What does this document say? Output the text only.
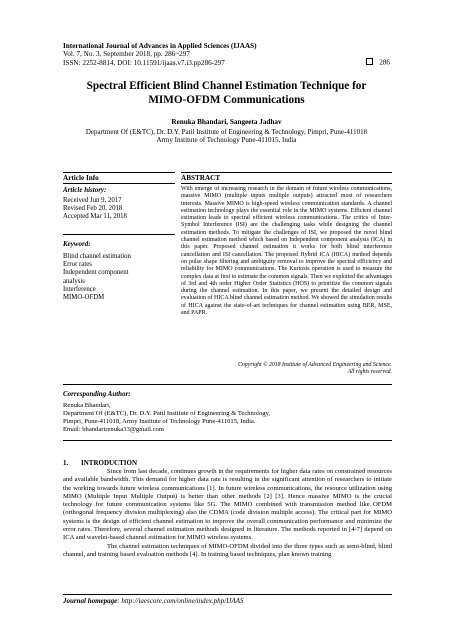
International Journal of Advances in Applied Sciences (IJAAS)
Vol. 7, No. 3, September 2018, pp. 286~297
ISSN: 2252-8814, DOI: 10.11591/ijaas.v7.i3.pp286-297	286
Spectral Efficient Blind Channel Estimation Technique for
MIMO-OFDM Communications
Renuka Bhandari, Sangeeta Jadhav
Department Of (E&TC), Dr. D.Y. Patil Institute of Engineering & Technology, Pimpri, Pune-411018
Army Institute of Technology Pune-411015, India
Article Info	ABSTRACT
Article history:
Received Jun 9, 2017
Revised Feb 20, 2018
Accepted Mar 11, 2018
Keyword:
Blind channel estimation
Error rates
Independent component
analysis
Interference
MIMO-OFDM

With emerge of increasing research in the domain of future wireless communications, massive MIMO (multiple inputs multiple outputs) attracted most of researchers interests. Massive MIMO is high-speed wireless communication standards. A channel estimation technology plays the essential role in the MIMO systems. Efficient channel estimation leads to spectral efficient wireless communications. The critics of Inter-Symbol Interference (ISI) are the challenging tasks while designing the channel estimation methods. To mitigate the challenges of ISI, we proposed the novel blind channel estimation method which based on Independent component analysis (ICA) in this paper. Proposed channel estimation it works for both blind interference cancellation and ISI cancellation. The proposed Hybrid ICA (HICA) method depends on pulse shape filtering and ambiguity removal to improve the spectral efficiency and reliability for MIMO communications. The Kurtosis operation is used to measure the complex data at first to estimate the common signals. Then we exploited the advantages of 3rd and 4th order Higher Order Statistics (HOS) to prioritize the common signals during the channel estimation. In this paper, we present the detailed design and evaluation of HICA blind channel estimation method. We showed the simulation results of HICA against the state-of-art techniques for channel estimation using BER, MSE, and PAPR.

Copyright © 2018 Institute of Advanced Engineering and Science.
All rights reserved.
Corresponding Author:
Renuka Bhandari,
Department Of (E&TC), Dr. D.Y. Patil Institute of Engineering & Technology,
Pimpri, Pune-411018, Army Institute of Technology Pune-411015, India.
Email: bhandarirenuka33@gmail.com
1. INTRODUCTION

Since from last decade, continues growth in the requirements for higher data rates on constrained resources and available bandwidth. This demand for higher data rate is resulting in the significant attention of researchers to initiate the working towards future wireless communications [1]. In future wireless communications, the resource utilization using MIMO (Multiple Input Multiple Output) is better than other methods [2] [3]. Hence massive MIMO is the crucial technology for future communication systems like 5G. The MIMO combined with transmission method like OFDM (orthogonal frequency division multiplexing) also the CDMA (code division multiple access). The critical part for MIMO systems is the design of efficient channel estimation to improve the overall communication performance and minimize the error rates. Therefore, several channel estimation methods designed in literature. The methods reported in [4-7] depend on ICA and wavelet-based channel estimation for MIMO wireless systems.

The channel estimation techniques of MIMO-OFDM divided into the three types such as semi-blind, blind channel, and training based evaluation methods [4]. In training based techniques, plan known training

Journal homepage: http://iaescore.com/online/index.php/IJAAS
